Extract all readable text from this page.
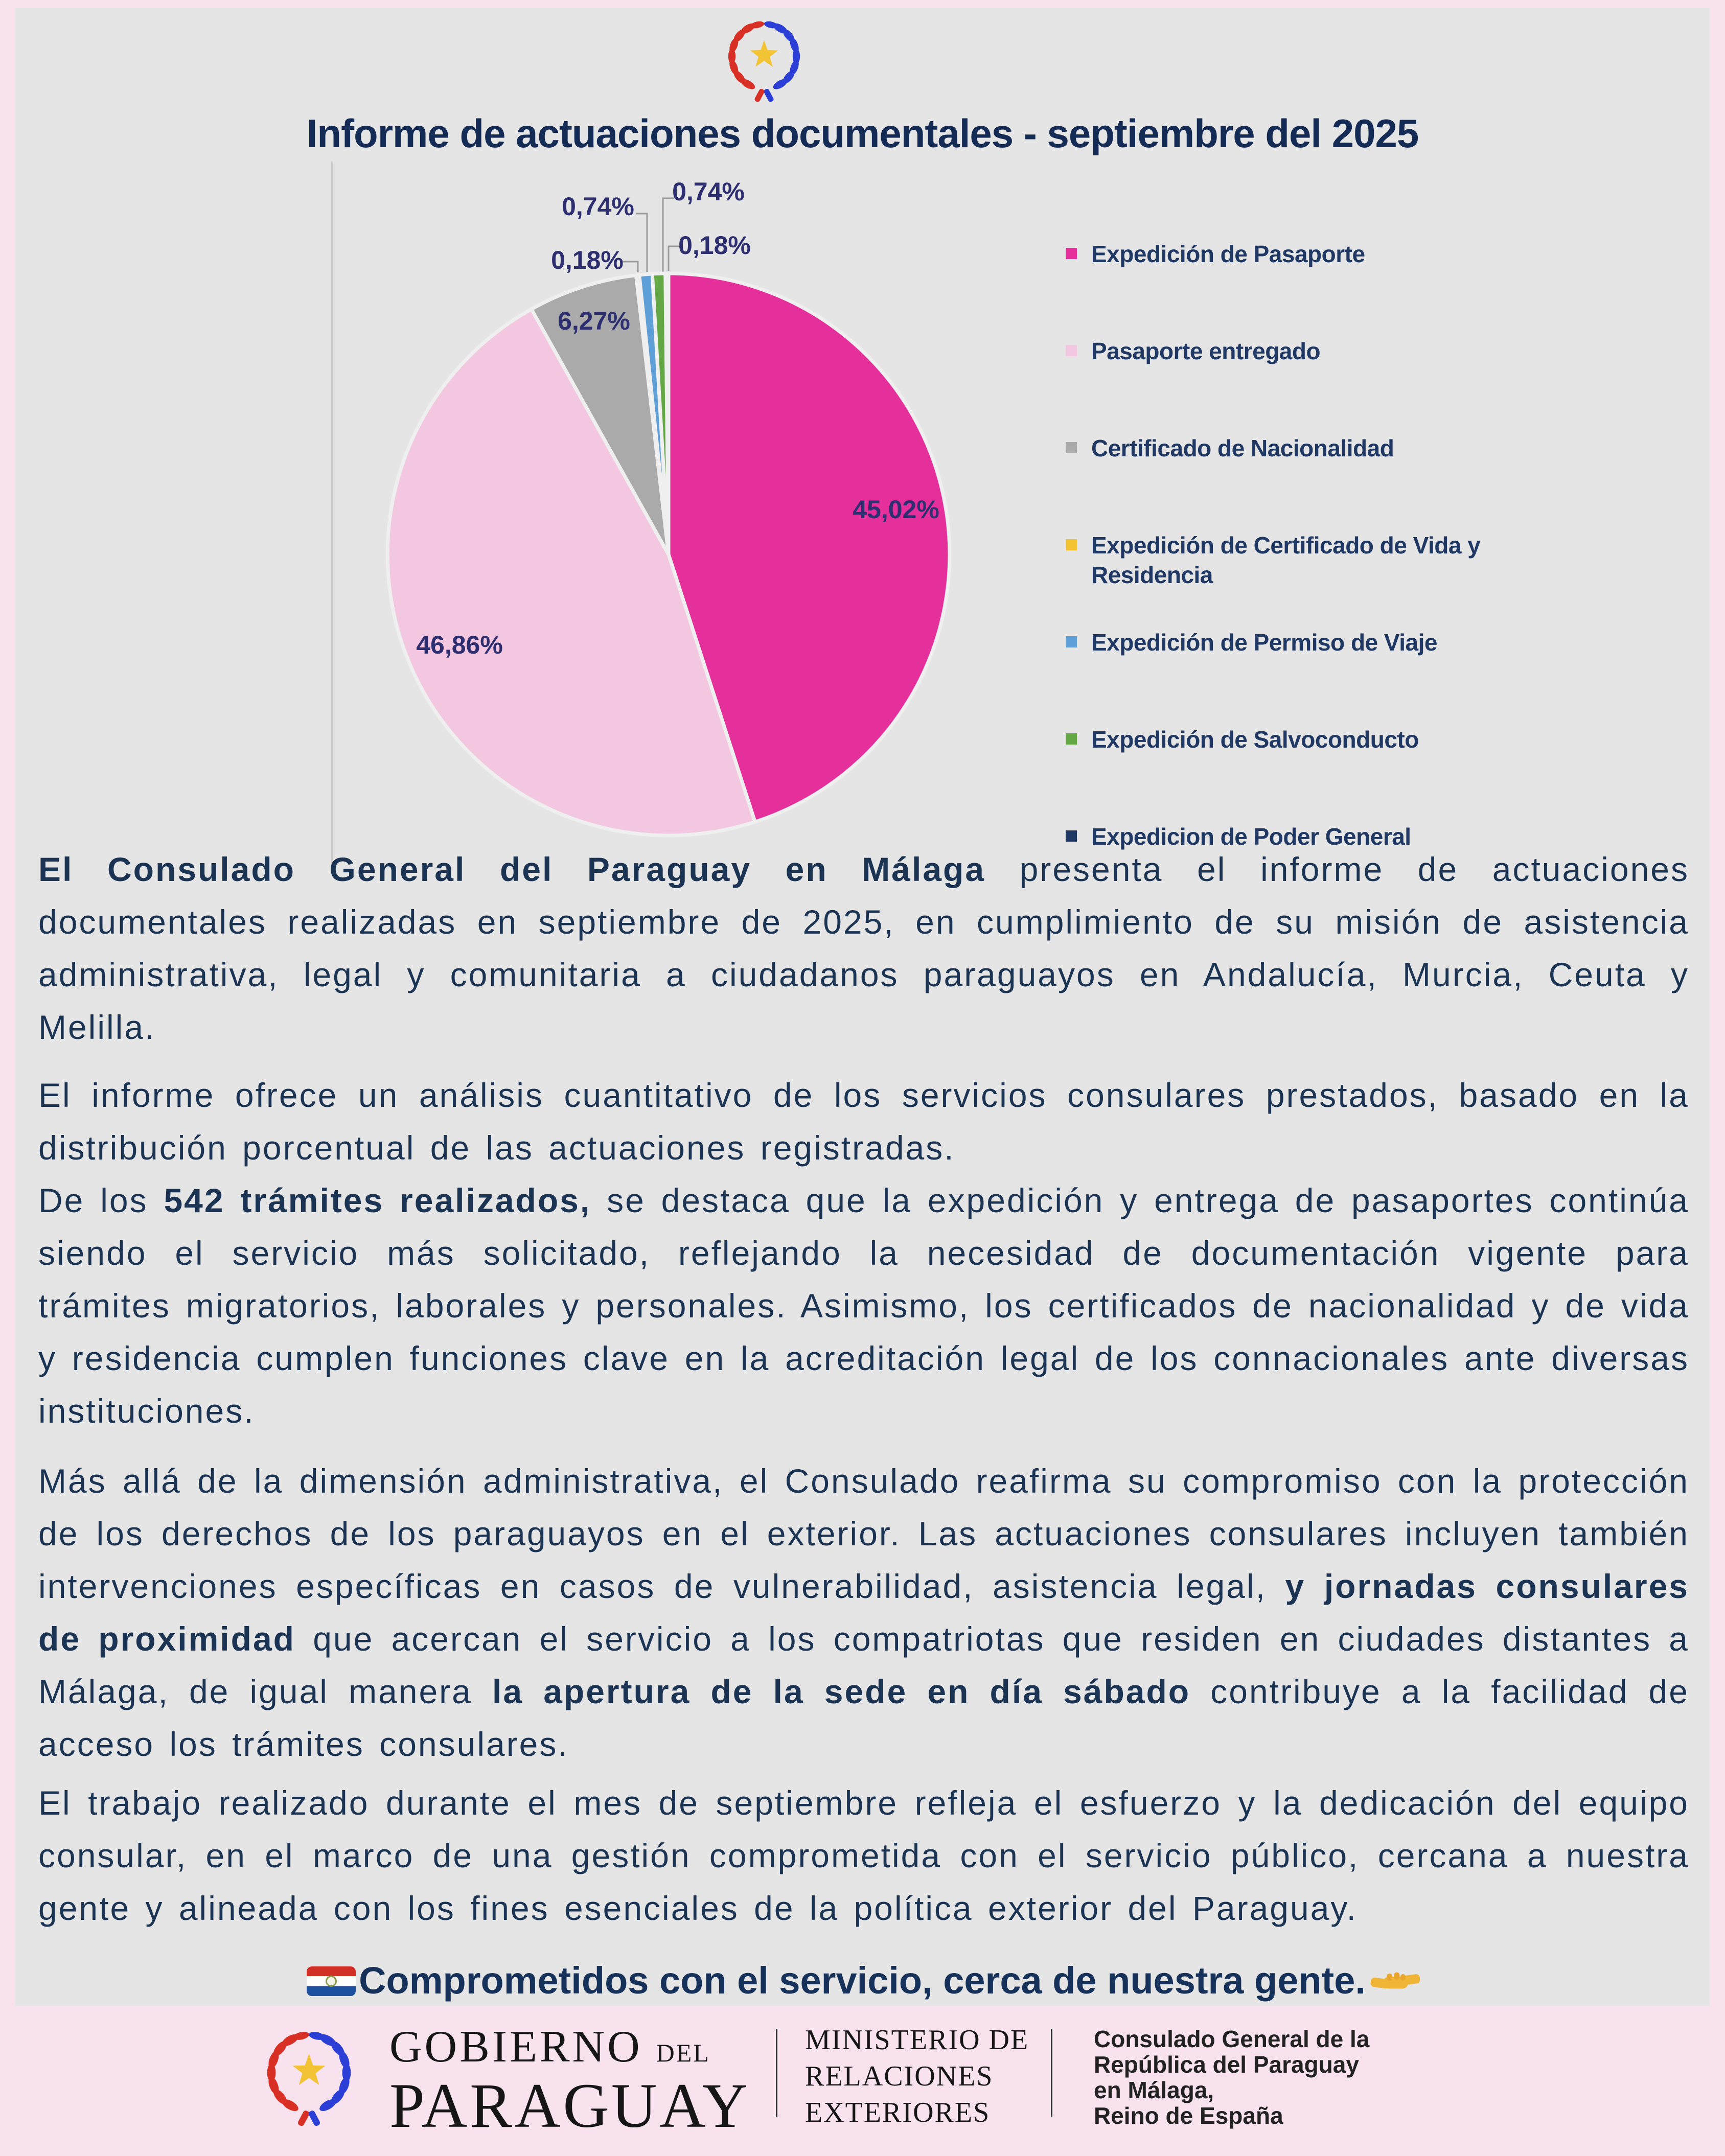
Informe de actuaciones documentales - septiembre del 2025
45,02%
46,86%
6,27%
0,18%
0,74%
0,74%
0,18%	Expedición de Pasaporte
Pasaporte entregado
Certificado de Nacionalidad
Expedición de Certificado de Vida y Residencia
Expedición de Permiso de Viaje
Expedición de Salvoconducto
Expedicion de Poder General

El Consulado General del Paraguay en Málaga presenta el informe de actuaciones documentales realizadas en septiembre de 2025, en cumplimiento de su misión de asistencia administrativa, legal y comunitaria a ciudadanos paraguayos en Andalucía, Murcia, Ceuta y Melilla.

El informe ofrece un análisis cuantitativo de los servicios consulares prestados, basado en la distribución porcentual de las actuaciones registradas.

De los 542 trámites realizados, se destaca que la expedición y entrega de pasaportes continúa siendo el servicio más solicitado, reflejando la necesidad de documentación vigente para trámites migratorios, laborales y personales. Asimismo, los certificados de nacionalidad y de vida y residencia cumplen funciones clave en la acreditación legal de los connacionales ante diversas instituciones.

Más allá de la dimensión administrativa, el Consulado reafirma su compromiso con la protección de los derechos de los paraguayos en el exterior. Las actuaciones consulares incluyen también intervenciones específicas en casos de vulnerabilidad, asistencia legal, y jornadas consulares de proximidad que acercan el servicio a los compatriotas que residen en ciudades distantes a Málaga, de igual manera la apertura de la sede en día sábado contribuye a la facilidad de acceso los trámites consulares.

El trabajo realizado durante el mes de septiembre refleja el esfuerzo y la dedicación del equipo consular, en el marco de una gestión comprometida con el servicio público, cercana a nuestra gente y alineada con los fines esenciales de la política exterior del Paraguay.

Comprometidos con el servicio, cerca de nuestra gente.

GOBIERNO DEL
PARAGUAY
MINISTERIO DE
RELACIONES
EXTERIORES
Consulado General de la
República del Paraguay
en Málaga,
Reino de España
